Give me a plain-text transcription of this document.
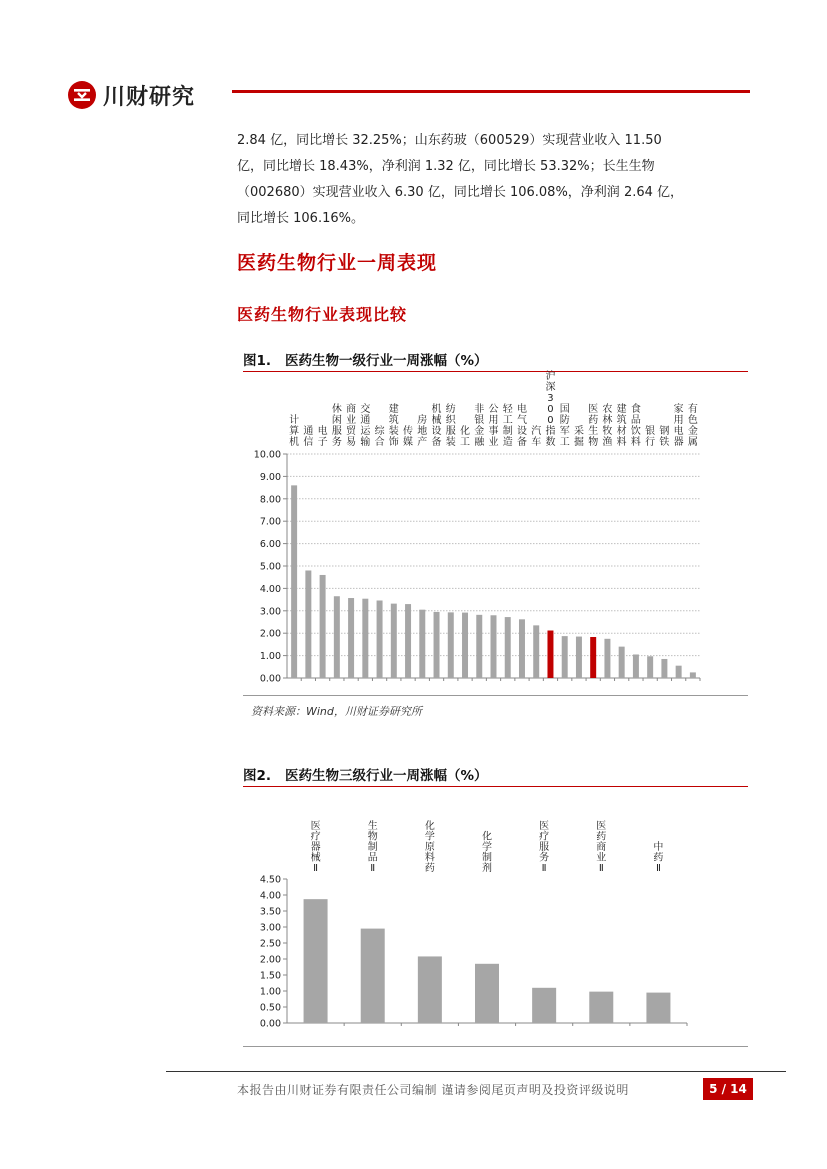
川财研究

2.84 亿，同比增长 32.25%；山东药玻（600529）实现营业收入 11.50
亿，同比增长 18.43%，净利润 1.32 亿，同比增长 53.32%；长生生物
（002680）实现营业收入 6.30 亿，同比增长 106.08%，净利润 2.64 亿，
同比增长 106.16%。

医药生物行业一周表现
医药生物行业表现比较
图1. 医药生物一级行业一周涨幅（%）
0.00
1.00
2.00
3.00
4.00
5.00
6.00
7.00
8.00
9.00
10.00
计算机
通信
电子
休闲服务
商业贸易
交通运输
综合
建筑装饰
传媒
房地产
机械设备
纺织服装
化工
非银金融
公用事业
轻工制造
电气设备
汽车
沪深 3 0 0 指数
国防军工
采掘
医药生物
农林牧渔
建筑材料
食品饮料
银行
钢铁
家用电器
有色金属
资料来源：Wind，川财证券研究所
图2. 医药生物三级行业一周涨幅（%）
0.00
0.50
1.00
1.50
2.00
2.50
3.00
3.50
4.00
4.50
医疗器械 Ⅱ
生物制品 Ⅱ
化学原料药
化学制剂
医疗服务 Ⅱ
医药商业 Ⅱ
中药 Ⅱ
本报告由川财证券有限责任公司编制 谨请参阅尾页声明及投资评级说明	5 / 14
